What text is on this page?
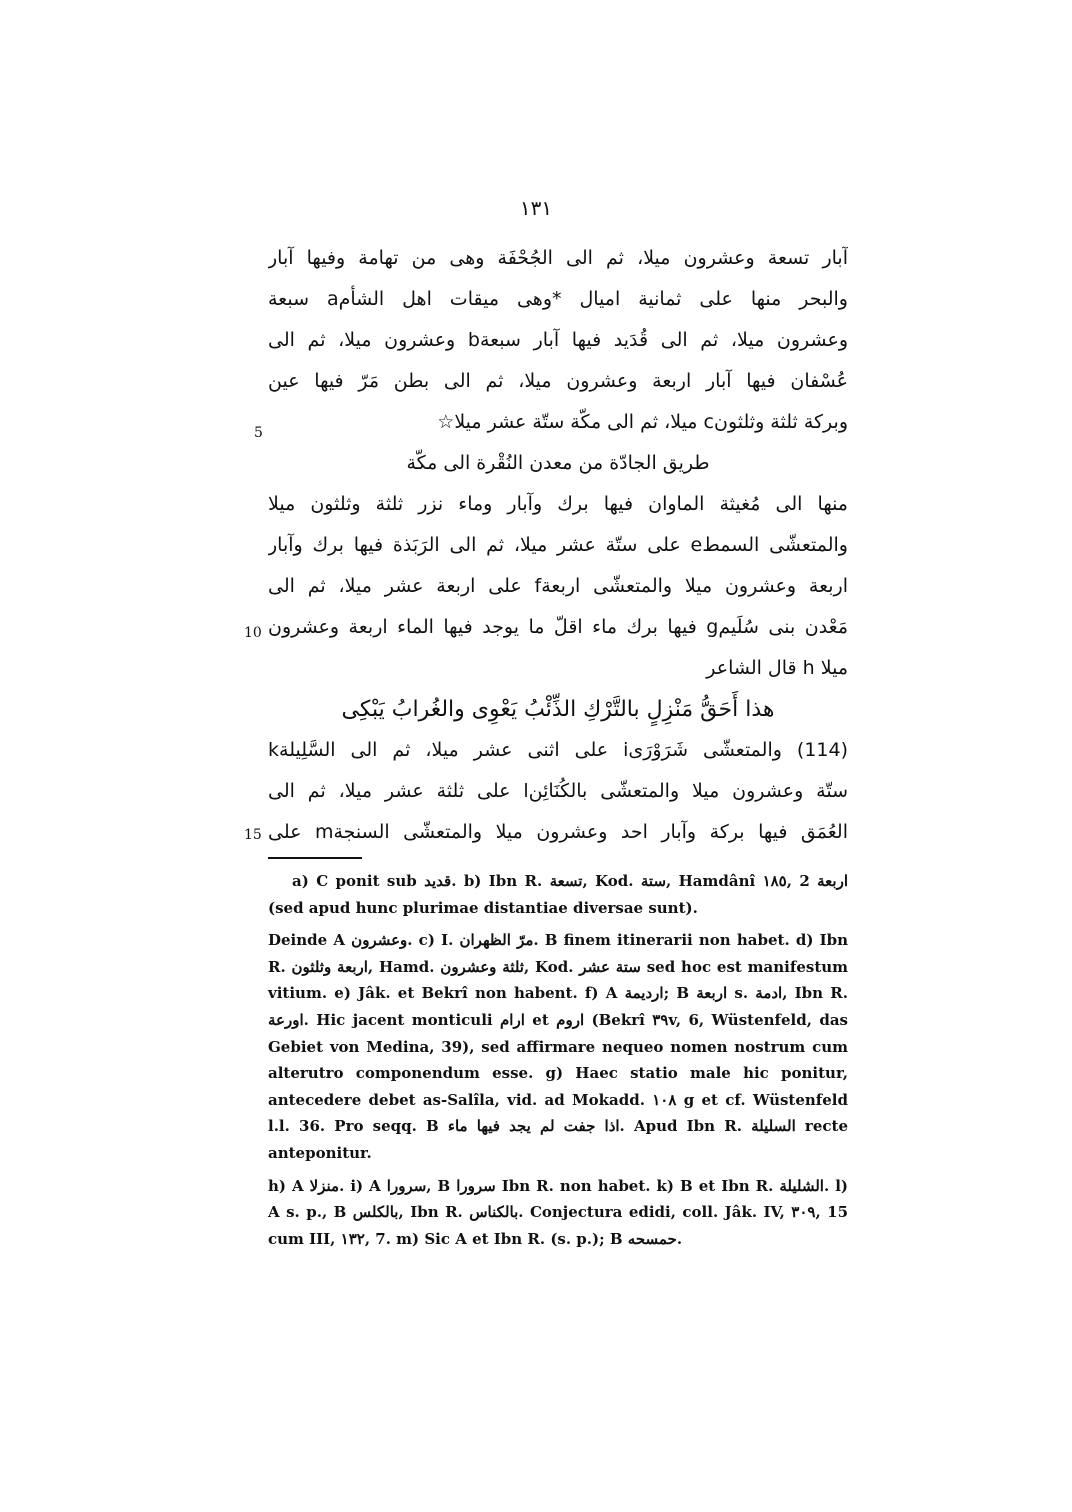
١٣١
آبار تسعة وعشرون ميلا، ثم الى الجُحْفَة وهى من تهامة وفيها آبار
والبحر منها على ثمانية اميال *وهى ميقات اهل الشأمa سبعة
وعشرون ميلا، ثم الى قُدَيد فيها آبار سبعةb وعشرون ميلا، ثم الى
عُسْفان فيها آبار اربعة وعشرون ميلا، ثم الى بطن مَرّ فيها عين
وبركة ثلثة وثلثونc ميلا، ثم الى مكّة ستّة عشر ميلا☆
طريق الجادّة من معدن النُقْرة الى مكّة
منها الى مُغيثة الماوان فيها برك وآبار وماء نزر ثلثة وثلثون ميلا
والمتعشّى السمطe على ستّة عشر ميلا، ثم الى الرَبَذة فيها برك وآبار
اربعة وعشرون ميلا والمتعشّى اربعةf على اربعة عشر ميلا، ثم الى
مَعْدن بنى سُلَيمg فيها برك ماء اقلّ ما يوجد فيها الماء اربعة وعشرون
ميلا h قال الشاعر
هذا أَحَقُّ مَنْزِلٍ بالتَّرْكِ الذِّئْبُ يَعْوِى والغُرابُ يَبْكِى
(114) والمتعشّى شَرَوْرَىi على اثنى عشر ميلا، ثم الى السَّلِيلةk
ستّة وعشرون ميلا والمتعشّى بالكُنَائِنl على ثلثة عشر ميلا، ثم الى
العُمَق فيها بركة وآبار احد وعشرون ميلا والمتعشّى السنجةm على
5
10
15

a) C ponit sub قديد. b) Ibn R. تسعة, Kod. ستة, Hamdânî ١٨٥, 2 اربعة (sed apud hunc plurimae distantiae diversae sunt).

Deinde A وعشرون. c) I. مرّ الظهران. B finem itinerarii non habet. d) Ibn R. اربعة وثلثون, Hamd. ثلثة وعشرون, Kod. ستة عشر sed hoc est manifestum vitium. e) Jâk. et Bekrî non habent. f) A ارديمة; B اربعة s. ادمة, Ibn R. اورعة. Hic jacent monticuli ارام et اروم (Bekrî ٣٩v, 6, Wüstenfeld, das Gebiet von Medina, 39), sed affirmare nequeo nomen nostrum cum alterutro componendum esse. g) Haec statio male hic ponitur, antecedere debet as-Salîla, vid. ad Mokadd. ١٠٨ g et cf. Wüstenfeld l.l. 36. Pro seqq. B اذا جفت لم يجد فيها ماء. Apud Ibn R. السليلة recte anteponitur.

h) A منزلا. i) A سرورا, B سرورا Ibn R. non habet. k) B et Ibn R. الشليلة. l) A s. p., B بالكلس, Ibn R. بالكناس. Conjectura edidi, coll. Jâk. IV, ٣٠٩, 15 cum III, ١٣٢, 7. m) Sic A et Ibn R. (s. p.); B حمسحه.
